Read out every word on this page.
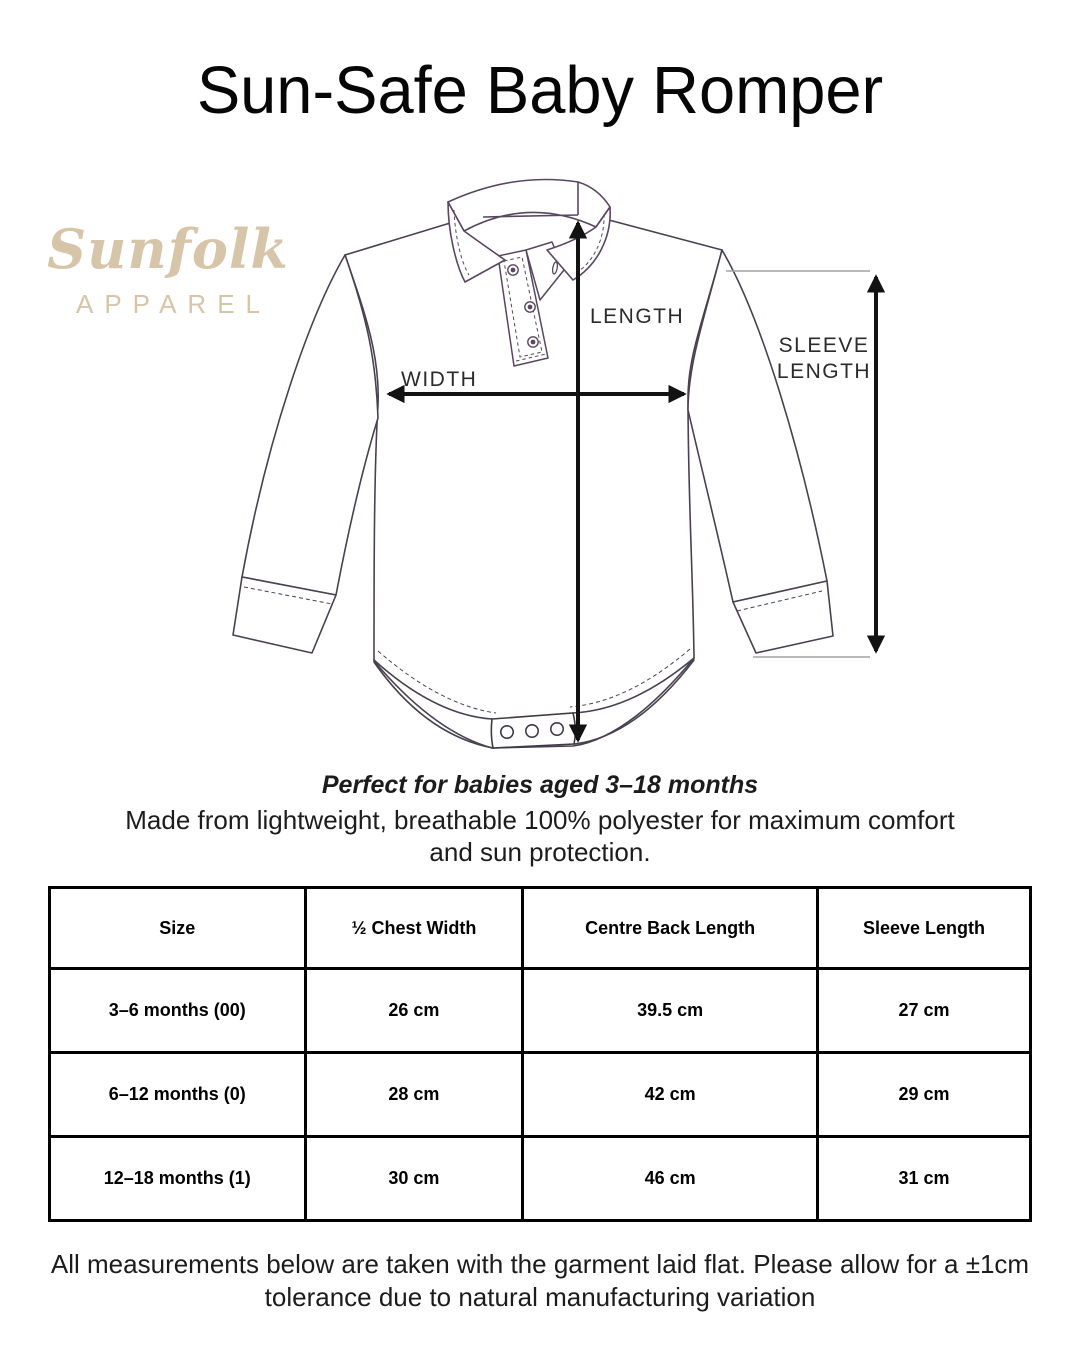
Sun-Safe Baby Romper
Sunfolk
APPAREL	LENGTH
WIDTH
SLEEVE
LENGTH
Perfect for babies aged 3–18 months
Made from lightweight, breathable 100% polyester for maximum comfort
and sun protection.
Size	½ Chest Width	Centre Back Length	Sleeve Length
3–6 months (00)	26 cm	39.5 cm	27 cm
6–12 months (0)	28 cm	42 cm	29 cm
12–18 months (1)	30 cm	46 cm	31 cm
All measurements below are taken with the garment laid flat. Please allow for a ±1cm
tolerance due to natural manufacturing variation
